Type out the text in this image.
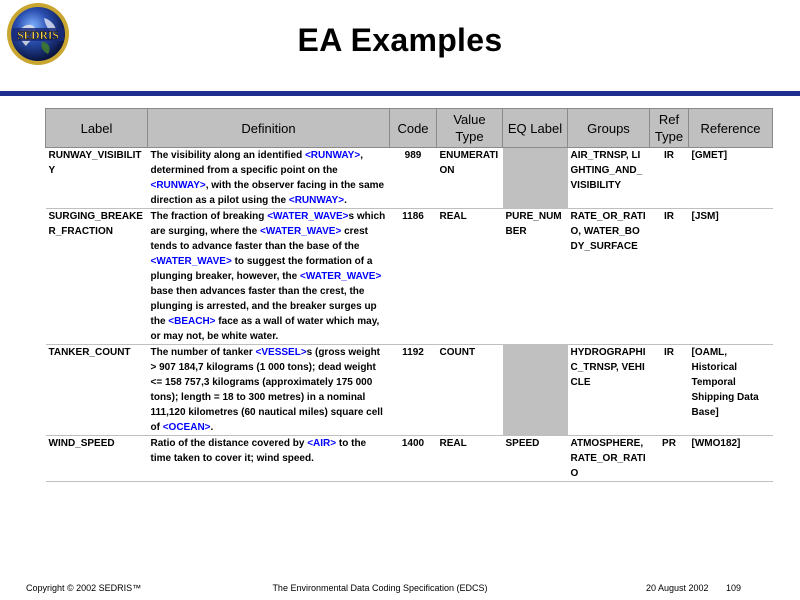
SEDRIS	EA Examples
Label	Definition	Code	Value Type	EQ Label	Groups	Ref Type	Reference
RUNWAY_VISIBILITY	The visibility along an identified <RUNWAY>, determined from a specific point on the <RUNWAY>, with the observer facing in the same direction as a pilot using the <RUNWAY>.	989	ENUMERATION		AIR_TRNSP, LIGHTING_AND_VISIBILITY	IR	[GMET]
SURGING_BREAKER_FRACTION	The fraction of breaking <WATER_WAVE>s which are surging, where the <WATER_WAVE> crest tends to advance faster than the base of the <WATER_WAVE> to suggest the formation of a plunging breaker, however, the <WATER_WAVE> base then advances faster than the crest, the plunging is arrested, and the breaker surges up the <BEACH> face as a wall of water which may, or may not, be white water.	1186	REAL	PURE_NUMBER	RATE_OR_RATIO, WATER_BODY_SURFACE	IR	[JSM]
TANKER_COUNT	The number of tanker <VESSEL>s (gross weight > 907 184,7 kilograms (1 000 tons); dead weight <= 158 757,3 kilograms (approximately 175 000 tons); length = 18 to 300 metres) in a nominal 111,120 kilometres (60 nautical miles) square cell of <OCEAN>.	1192	COUNT		HYDROGRAPHIC_TRNSP, VEHICLE	IR	[OAML, Historical Temporal Shipping Data Base]
WIND_SPEED	Ratio of the distance covered by <AIR> to the time taken to cover it; wind speed.	1400	REAL	SPEED	ATMOSPHERE, RATE_OR_RATIO	PR	[WMO182]
Copyright © 2002 SEDRIS™	The Environmental Data Coding Specification (EDCS)	20 August 2002 109
